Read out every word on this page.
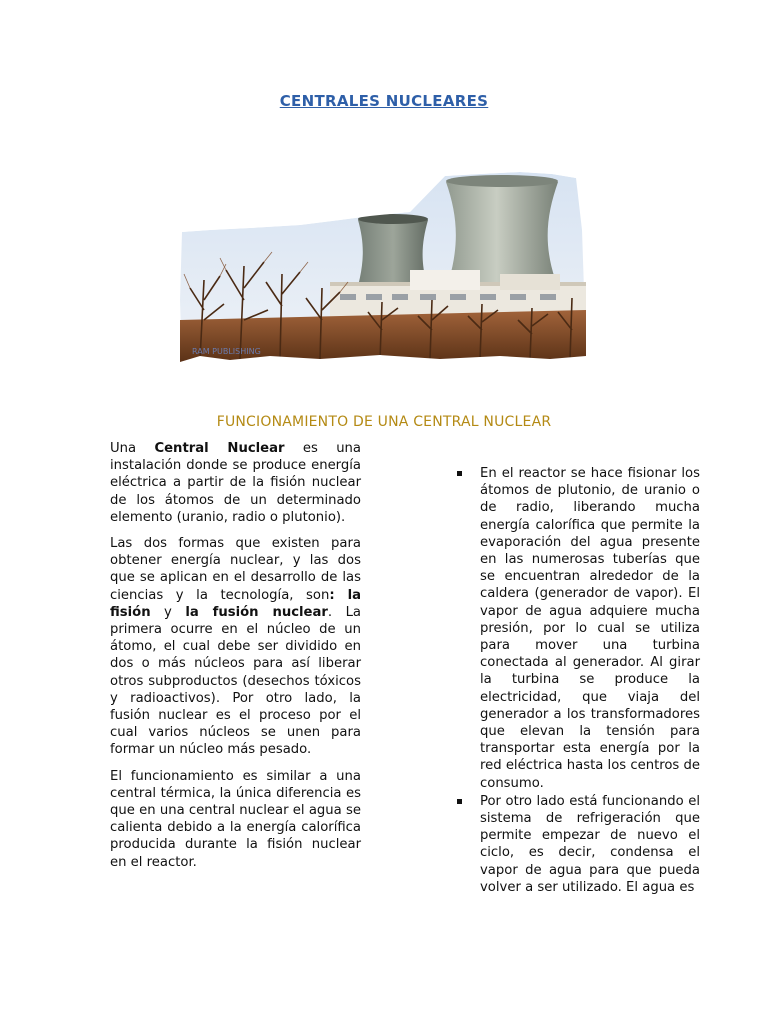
CENTRALES NUCLEARES
RAM PUBLISHING
FUNCIONAMIENTO DE UNA CENTRAL NUCLEAR

Una Central Nuclear es una instalación donde se produce energía eléctrica a partir de la fisión nuclear de los átomos de un determinado elemento (uranio, radio o plutonio).

Las dos formas que existen para obtener energía nuclear, y las dos que se aplican en el desarrollo de las ciencias y la tecnología, son: la fisión y la fusión nuclear. La primera ocurre en el núcleo de un átomo, el cual debe ser dividido en dos o más núcleos para así liberar otros subproductos (desechos tóxicos y radioactivos). Por otro lado, la fusión nuclear es el proceso por el cual varios núcleos se unen para formar un núcleo más pesado.

El funcionamiento es similar a una central térmica, la única diferencia es que en una central nuclear el agua se calienta debido a la energía calorífica producida durante la fisión nuclear en el reactor.

En el reactor se hace fisionar los átomos de plutonio, de uranio o de radio, liberando mucha energía calorífica que permite la evaporación del agua presente en las numerosas tuberías que se encuentran alrededor de la caldera (generador de vapor). El vapor de agua adquiere mucha presión, por lo cual se utiliza para mover una turbina conectada al generador. Al girar la turbina se produce la electricidad, que viaja del generador a los transformadores que elevan la tensión para transportar esta energía por la red eléctrica hasta los centros de consumo.

Por otro lado está funcionando el sistema de refrigeración que permite empezar de nuevo el ciclo, es decir, condensa el vapor de agua para que pueda volver a ser utilizado. El agua es
